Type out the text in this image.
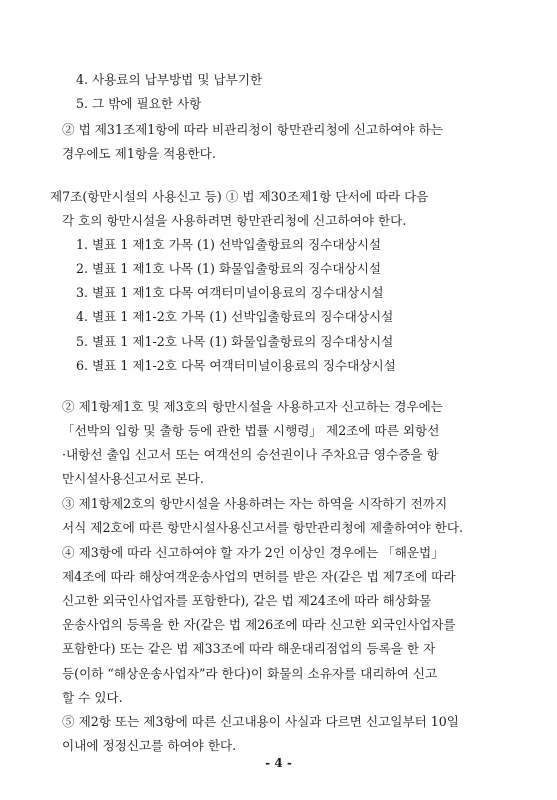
4. 사용료의 납부방법 및 납부기한
5. 그 밖에 필요한 사항
② 법 제31조제1항에 따라 비관리청이 항만관리청에 신고하여야 하는
경우에도 제1항을 적용한다.
제7조(항만시설의 사용신고 등) ① 법 제30조제1항 단서에 따라 다음
각 호의 항만시설을 사용하려면 항만관리청에 신고하여야 한다.
1. 별표 1 제1호 가목 (1) 선박입출항료의 징수대상시설
2. 별표 1 제1호 나목 (1) 화물입출항료의 징수대상시설
3. 별표 1 제1호 다목 여객터미널이용료의 징수대상시설
4. 별표 1 제1-2호 가목 (1) 선박입출항료의 징수대상시설
5. 별표 1 제1-2호 나목 (1) 화물입출항료의 징수대상시설
6. 별표 1 제1-2호 다목 여객터미널이용료의 징수대상시설
② 제1항제1호 및 제3호의 항만시설을 사용하고자 신고하는 경우에는
「선박의 입항 및 출항 등에 관한 법률 시행령」 제2조에 따른 외항선
·내항선 출입 신고서 또는 여객선의 승선권이나 주차요금 영수증을 항
만시설사용신고서로 본다.
③ 제1항제2호의 항만시설을 사용하려는 자는 하역을 시작하기 전까지
서식 제2호에 따른 항만시설사용신고서를 항만관리청에 제출하여야 한다.
④ 제3항에 따라 신고하여야 할 자가 2인 이상인 경우에는 「해운법」
제4조에 따라 해상여객운송사업의 면허를 받은 자(같은 법 제7조에 따라
신고한 외국인사업자를 포함한다), 같은 법 제24조에 따라 해상화물
운송사업의 등록을 한 자(같은 법 제26조에 따라 신고한 외국인사업자를
포함한다) 또는 같은 법 제33조에 따라 해운대리점업의 등록을 한 자
등(이하 “해상운송사업자”라 한다)이 화물의 소유자를 대리하여 신고
할 수 있다.
⑤ 제2항 또는 제3항에 따른 신고내용이 사실과 다르면 신고일부터 10일
이내에 정정신고를 하여야 한다.
- 4 -
